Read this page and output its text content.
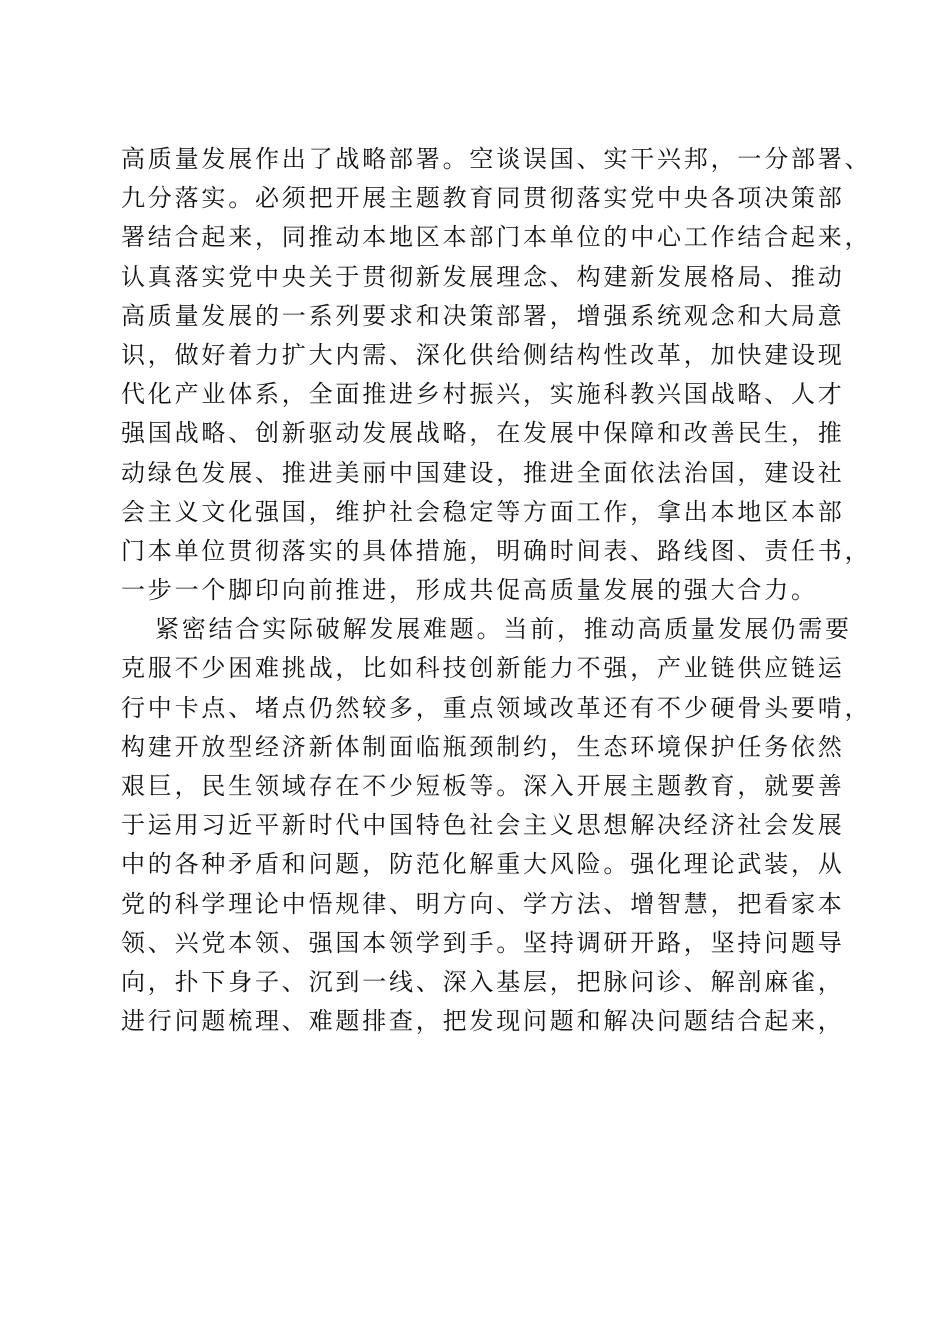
高质量发展作出了战略部署。空谈误国、实干兴邦，一分部署、
九分落实。必须把开展主题教育同贯彻落实党中央各项决策部
署结合起来，同推动本地区本部门本单位的中心工作结合起来，
认真落实党中央关于贯彻新发展理念、构建新发展格局、推动
高质量发展的一系列要求和决策部署，增强系统观念和大局意
识，做好着力扩大内需、深化供给侧结构性改革，加快建设现
代化产业体系，全面推进乡村振兴，实施科教兴国战略、人才
强国战略、创新驱动发展战略，在发展中保障和改善民生，推
动绿色发展、推进美丽中国建设，推进全面依法治国，建设社
会主义文化强国，维护社会稳定等方面工作，拿出本地区本部
门本单位贯彻落实的具体措施，明确时间表、路线图、责任书，
一步一个脚印向前推进，形成共促高质量发展的强大合力。
紧密结合实际破解发展难题。当前，推动高质量发展仍需要
克服不少困难挑战，比如科技创新能力不强，产业链供应链运
行中卡点、堵点仍然较多，重点领域改革还有不少硬骨头要啃，
构建开放型经济新体制面临瓶颈制约，生态环境保护任务依然
艰巨，民生领域存在不少短板等。深入开展主题教育，就要善
于运用习近平新时代中国特色社会主义思想解决经济社会发展
中的各种矛盾和问题，防范化解重大风险。强化理论武装，从
党的科学理论中悟规律、明方向、学方法、增智慧，把看家本
领、兴党本领、强国本领学到手。坚持调研开路，坚持问题导
向，扑下身子、沉到一线、深入基层，把脉问诊、解剖麻雀，
进行问题梳理、难题排查，把发现问题和解决问题结合起来，
